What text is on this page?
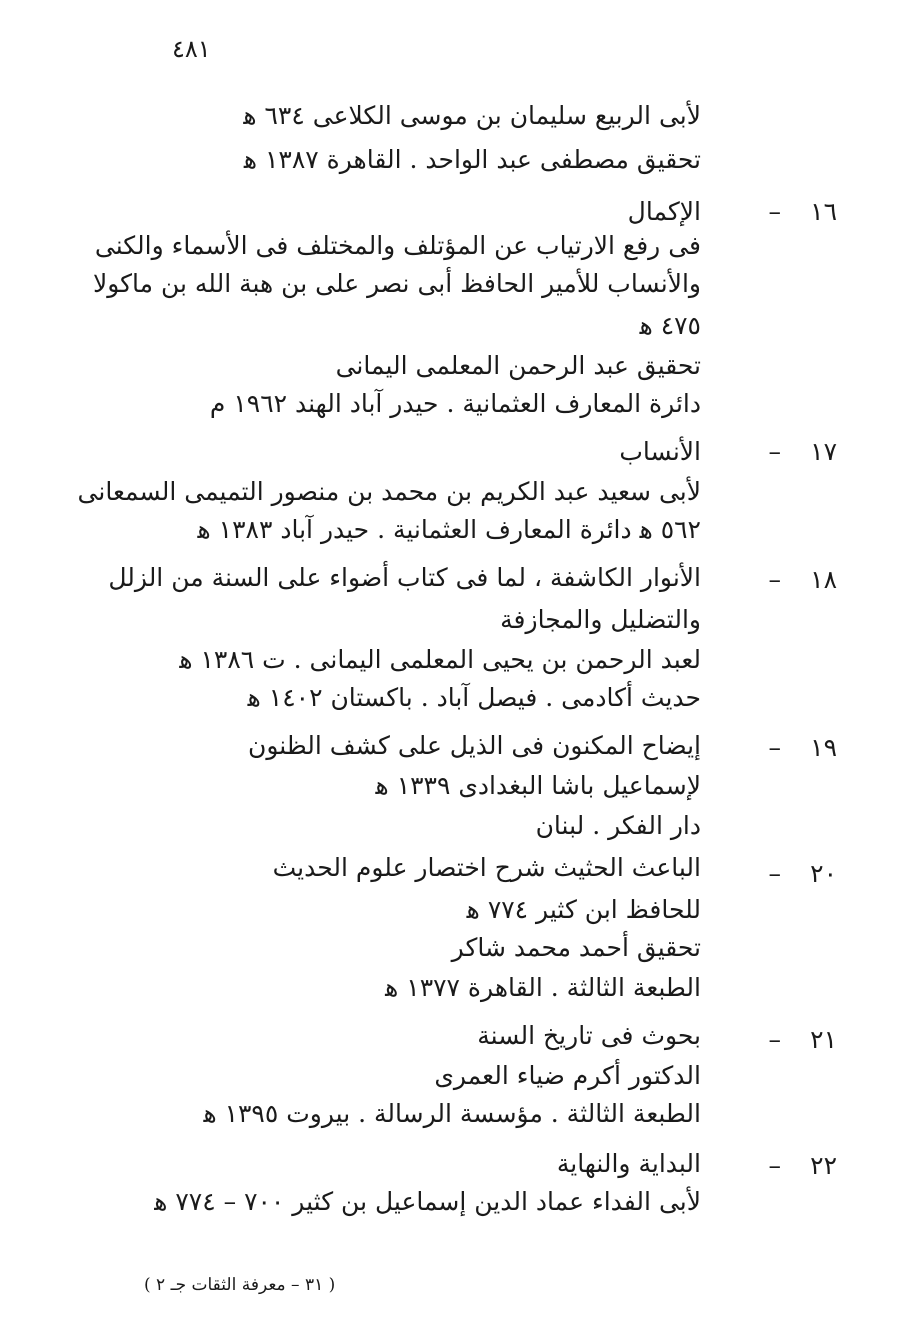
٤٨١
لأبى الربيع سليمان بن موسى الكلاعى ٦٣٤ ﻫ
تحقيق مصطفى عبد الواحد . القاهرة ١٣٨٧ ﻫ
١٦
–
الإكمال
فى رفع الارتياب عن المؤتلف والمختلف فى الأسماء والكنى
والأنساب للأمير الحافظ أبى نصر على بن هبة الله بن ماكولا
٤٧٥ ﻫ
تحقيق عبد الرحمن المعلمى اليمانى
دائرة المعارف العثمانية . حيدر آباد الهند ١٩٦٢ م
١٧
–
الأنساب
لأبى سعيد عبد الكريم بن محمد بن منصور التميمى السمعانى
٥٦٢ ﻫ دائرة المعارف العثمانية . حيدر آباد ١٣٨٣ ﻫ
١٨
–
الأنوار الكاشفة ، لما فى كتاب أضواء على السنة من الزلل
والتضليل والمجازفة
لعبد الرحمن بن يحيى المعلمى اليمانى . ت ١٣٨٦ ﻫ
حديث أكادمى . فيصل آباد . باكستان ١٤٠٢ ﻫ
١٩
–
إيضاح المكنون فى الذيل على كشف الظنون
لإسماعيل باشا البغدادى ١٣٣٩ ﻫ
دار الفكر . لبنان
٢٠
–
الباعث الحثيث شرح اختصار علوم الحديث
للحافظ ابن كثير ٧٧٤ ﻫ
تحقيق أحمد محمد شاكر
الطبعة الثالثة . القاهرة ١٣٧٧ ﻫ
٢١
–
بحوث فى تاريخ السنة
الدكتور أكرم ضياء العمرى
الطبعة الثالثة . مؤسسة الرسالة . بيروت ١٣٩٥ ﻫ
٢٢
–
البداية والنهاية
لأبى الفداء عماد الدين إسماعيل بن كثير ٧٠٠ – ٧٧٤ ﻫ
( ٣١ – معرفة الثقات جـ ٢ )
